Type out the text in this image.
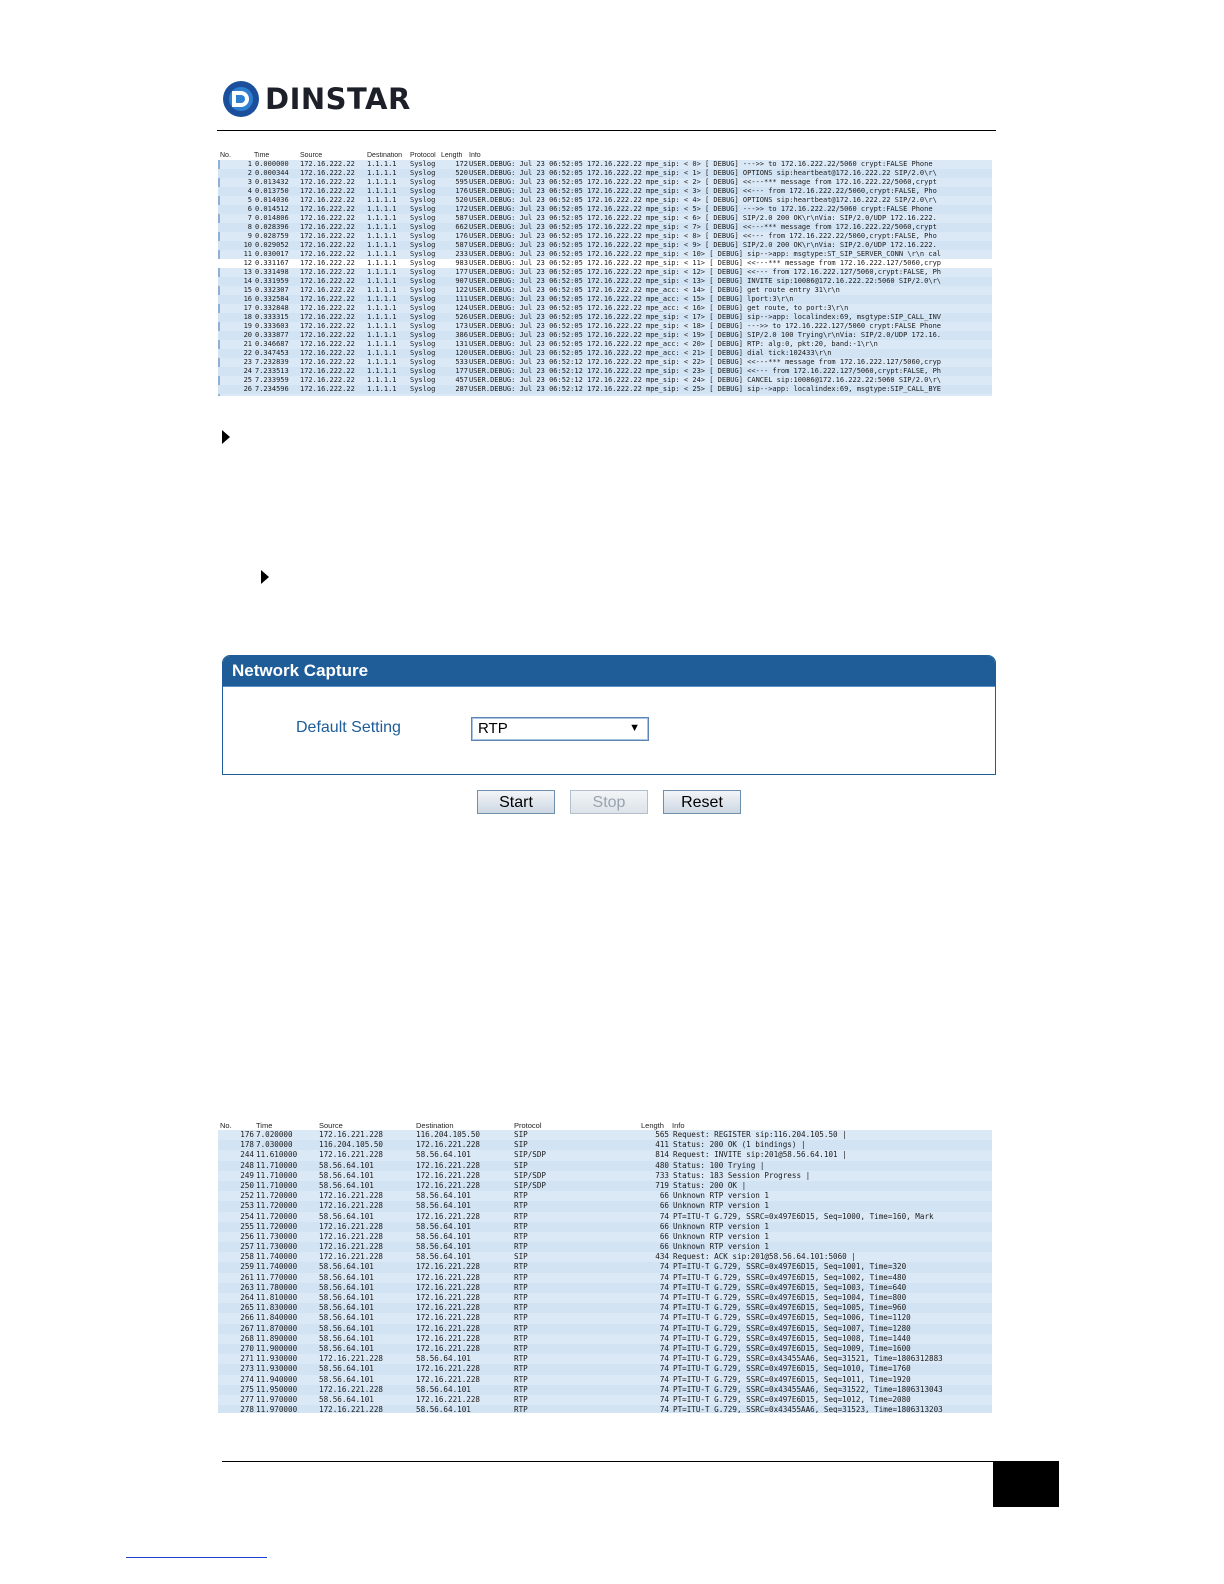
DINSTAR
No.	Time	Source	Destination Protocol Length Info
1 0.000000 172.16.222.22 1.1.1.1 Syslog	172 USER.DEBUG: Jul 23 06:52:05 172.16.222.22 mpe_sip: < 0> [ DEBUG] --->> to 172.16.222.22/5060 crypt:FALSE Phone
2 0.000344 172.16.222.22 1.1.1.1 Syslog	520 USER.DEBUG: Jul 23 06:52:05 172.16.222.22 mpe_sip: < 1> [ DEBUG] OPTIONS sip:heartbeat@172.16.222.22 SIP/2.0\r\
3 0.013432 172.16.222.22 1.1.1.1 Syslog	595 USER.DEBUG: Jul 23 06:52:05 172.16.222.22 mpe_sip: < 2> [ DEBUG] <<---*** message from 172.16.222.22/5060,crypt
4 0.013750 172.16.222.22 1.1.1.1 Syslog	176 USER.DEBUG: Jul 23 06:52:05 172.16.222.22 mpe_sip: < 3> [ DEBUG] <<--- from 172.16.222.22/5060,crypt:FALSE, Pho
5 0.014036 172.16.222.22 1.1.1.1 Syslog	520 USER.DEBUG: Jul 23 06:52:05 172.16.222.22 mpe_sip: < 4> [ DEBUG] OPTIONS sip:heartbeat@172.16.222.22 SIP/2.0\r\
6 0.014512 172.16.222.22 1.1.1.1 Syslog	172 USER.DEBUG: Jul 23 06:52:05 172.16.222.22 mpe_sip: < 5> [ DEBUG] --->> to 172.16.222.22/5060 crypt:FALSE Phone
7 0.014806 172.16.222.22 1.1.1.1 Syslog	587 USER.DEBUG: Jul 23 06:52:05 172.16.222.22 mpe_sip: < 6> [ DEBUG] SIP/2.0 200 OK\r\nVia: SIP/2.0/UDP 172.16.222.
8 0.028396 172.16.222.22 1.1.1.1 Syslog	662 USER.DEBUG: Jul 23 06:52:05 172.16.222.22 mpe_sip: < 7> [ DEBUG] <<---*** message from 172.16.222.22/5060,crypt
9 0.028759 172.16.222.22 1.1.1.1 Syslog	176 USER.DEBUG: Jul 23 06:52:05 172.16.222.22 mpe_sip: < 8> [ DEBUG] <<--- from 172.16.222.22/5060,crypt:FALSE, Pho
10 0.029052 172.16.222.22 1.1.1.1 Syslog	587 USER.DEBUG: Jul 23 06:52:05 172.16.222.22 mpe_sip: < 9> [ DEBUG] SIP/2.0 200 OK\r\nVia: SIP/2.0/UDP 172.16.222.
11 0.030017 172.16.222.22 1.1.1.1 Syslog	233 USER.DEBUG: Jul 23 06:52:05 172.16.222.22 mpe_sip: < 10> [ DEBUG] sip-->app: msgtype:ST_SIP_SERVER_CONN \r\n cal
12 0.331167 172.16.222.22 1.1.1.1 Syslog	983 USER.DEBUG: Jul 23 06:52:05 172.16.222.22 mpe_sip: < 11> [ DEBUG] <<---*** message from 172.16.222.127/5060,cryp
13 0.331498 172.16.222.22 1.1.1.1 Syslog	177 USER.DEBUG: Jul 23 06:52:05 172.16.222.22 mpe_sip: < 12> [ DEBUG] <<--- from 172.16.222.127/5060,crypt:FALSE, Ph
14 0.331959 172.16.222.22 1.1.1.1 Syslog	907 USER.DEBUG: Jul 23 06:52:05 172.16.222.22 mpe_sip: < 13> [ DEBUG] INVITE sip:10086@172.16.222.22:5060 SIP/2.0\r\
15 0.332307 172.16.222.22 1.1.1.1 Syslog	122 USER.DEBUG: Jul 23 06:52:05 172.16.222.22 mpe_acc: < 14> [ DEBUG] get route entry 31\r\n
16 0.332584 172.16.222.22 1.1.1.1 Syslog	111 USER.DEBUG: Jul 23 06:52:05 172.16.222.22 mpe_acc: < 15> [ DEBUG] lport:3\r\n
17 0.332848 172.16.222.22 1.1.1.1 Syslog	124 USER.DEBUG: Jul 23 06:52:05 172.16.222.22 mpe_acc: < 16> [ DEBUG] get route, to port:3\r\n
18 0.333315 172.16.222.22 1.1.1.1 Syslog	526 USER.DEBUG: Jul 23 06:52:05 172.16.222.22 mpe_sip: < 17> [ DEBUG] sip-->app: localindex:69, msgtype:SIP_CALL_INV
19 0.333603 172.16.222.22 1.1.1.1 Syslog	173 USER.DEBUG: Jul 23 06:52:05 172.16.222.22 mpe_sip: < 18> [ DEBUG] --->> to 172.16.222.127/5060 crypt:FALSE Phone
20 0.333877 172.16.222.22 1.1.1.1 Syslog	386 USER.DEBUG: Jul 23 06:52:05 172.16.222.22 mpe_sip: < 19> [ DEBUG] SIP/2.0 100 Trying\r\nVia: SIP/2.0/UDP 172.16.
21 0.346687 172.16.222.22 1.1.1.1 Syslog	131 USER.DEBUG: Jul 23 06:52:05 172.16.222.22 mpe_acc: < 20> [ DEBUG] RTP: alg:0, pkt:20, band:-1\r\n
22 0.347453 172.16.222.22 1.1.1.1 Syslog	120 USER.DEBUG: Jul 23 06:52:05 172.16.222.22 mpe_acc: < 21> [ DEBUG] dial tick:102433\r\n
23 7.232839 172.16.222.22 1.1.1.1 Syslog	533 USER.DEBUG: Jul 23 06:52:12 172.16.222.22 mpe_sip: < 22> [ DEBUG] <<---*** message from 172.16.222.127/5060,cryp
24 7.233513 172.16.222.22 1.1.1.1 Syslog	177 USER.DEBUG: Jul 23 06:52:12 172.16.222.22 mpe_sip: < 23> [ DEBUG] <<--- from 172.16.222.127/5060,crypt:FALSE, Ph
25 7.233959 172.16.222.22 1.1.1.1 Syslog	457 USER.DEBUG: Jul 23 06:52:12 172.16.222.22 mpe_sip: < 24> [ DEBUG] CANCEL sip:10086@172.16.222.22:5060 SIP/2.0\r\
26 7.234596 172.16.222.22 1.1.1.1 Syslog	287 USER.DEBUG: Jul 23 06:52:12 172.16.222.22 mpe_sip: < 25> [ DEBUG] sip-->app: localindex:69, msgtype:SIP_CALL_BYE
Network Capture
Default Setting	RTP	▼
Start	Stop	Reset
No.	Time	Source	Destination	Protocol	Length Info
176 7.020000	172.16.221.228	116.204.105.50	SIP	565 Request: REGISTER sip:116.204.105.50 |
178 7.030000	116.204.105.50	172.16.221.228	SIP	411 Status: 200 OK (1 bindings) |
244 11.610000	172.16.221.228	58.56.64.101	SIP/SDP	814 Request: INVITE sip:201@58.56.64.101 |
248 11.710000	58.56.64.101	172.16.221.228	SIP	480 Status: 100 Trying |
249 11.710000	58.56.64.101	172.16.221.228	SIP/SDP	733 Status: 183 Session Progress |
250 11.710000	58.56.64.101	172.16.221.228	SIP/SDP	719 Status: 200 OK |
252 11.720000	172.16.221.228	58.56.64.101	RTP	66 Unknown RTP version 1
253 11.720000	172.16.221.228	58.56.64.101	RTP	66 Unknown RTP version 1
254 11.720000	58.56.64.101	172.16.221.228	RTP	74 PT=ITU-T G.729, SSRC=0x497E6D15, Seq=1000, Time=160, Mark
255 11.720000	172.16.221.228	58.56.64.101	RTP	66 Unknown RTP version 1
256 11.730000	172.16.221.228	58.56.64.101	RTP	66 Unknown RTP version 1
257 11.730000	172.16.221.228	58.56.64.101	RTP	66 Unknown RTP version 1
258 11.740000	172.16.221.228	58.56.64.101	SIP	434 Request: ACK sip:201@58.56.64.101:5060 |
259 11.740000	58.56.64.101	172.16.221.228	RTP	74 PT=ITU-T G.729, SSRC=0x497E6D15, Seq=1001, Time=320
261 11.770000	58.56.64.101	172.16.221.228	RTP	74 PT=ITU-T G.729, SSRC=0x497E6D15, Seq=1002, Time=480
263 11.780000	58.56.64.101	172.16.221.228	RTP	74 PT=ITU-T G.729, SSRC=0x497E6D15, Seq=1003, Time=640
264 11.810000	58.56.64.101	172.16.221.228	RTP	74 PT=ITU-T G.729, SSRC=0x497E6D15, Seq=1004, Time=800
265 11.830000	58.56.64.101	172.16.221.228	RTP	74 PT=ITU-T G.729, SSRC=0x497E6D15, Seq=1005, Time=960
266 11.840000	58.56.64.101	172.16.221.228	RTP	74 PT=ITU-T G.729, SSRC=0x497E6D15, Seq=1006, Time=1120
267 11.870000	58.56.64.101	172.16.221.228	RTP	74 PT=ITU-T G.729, SSRC=0x497E6D15, Seq=1007, Time=1280
268 11.890000	58.56.64.101	172.16.221.228	RTP	74 PT=ITU-T G.729, SSRC=0x497E6D15, Seq=1008, Time=1440
270 11.900000	58.56.64.101	172.16.221.228	RTP	74 PT=ITU-T G.729, SSRC=0x497E6D15, Seq=1009, Time=1600
271 11.930000	172.16.221.228	58.56.64.101	RTP	74 PT=ITU-T G.729, SSRC=0x43455AA6, Seq=31521, Time=1806312883
273 11.930000	58.56.64.101	172.16.221.228	RTP	74 PT=ITU-T G.729, SSRC=0x497E6D15, Seq=1010, Time=1760
274 11.940000	58.56.64.101	172.16.221.228	RTP	74 PT=ITU-T G.729, SSRC=0x497E6D15, Seq=1011, Time=1920
275 11.950000	172.16.221.228	58.56.64.101	RTP	74 PT=ITU-T G.729, SSRC=0x43455AA6, Seq=31522, Time=1806313043
277 11.970000	58.56.64.101	172.16.221.228	RTP	74 PT=ITU-T G.729, SSRC=0x497E6D15, Seq=1012, Time=2080
278 11.970000	172.16.221.228	58.56.64.101	RTP	74 PT=ITU-T G.729, SSRC=0x43455AA6, Seq=31523, Time=1806313203
